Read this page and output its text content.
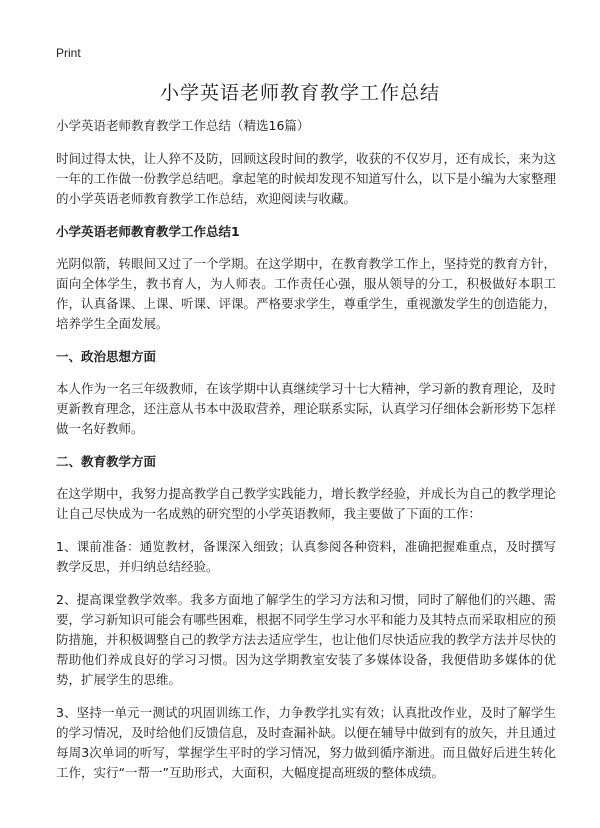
Print
小学英语老师教育教学工作总结

小学英语老师教育教学工作总结（精选16篇）

时间过得太快，让人猝不及防，回顾这段时间的教学，收获的不仅岁月，还有成长，来为这一年的工作做一份教学总结吧。拿起笔的时候却发现不知道写什么，以下是小编为大家整理的小学英语老师教育教学工作总结，欢迎阅读与收藏。

小学英语老师教育教学工作总结1

光阴似箭，转眼间又过了一个学期。在这学期中，在教育教学工作上，坚持党的教育方针，面向全体学生，教书育人，为人师表。工作责任心强，服从领导的分工，积极做好本职工作，认真备课、上课、听课、评课。严格要求学生，尊重学生，重视激发学生的创造能力，培养学生全面发展。

一、政治思想方面

本人作为一名三年级教师，在该学期中认真继续学习十七大精神，学习新的教育理论，及时更新教育理念，还注意从书本中汲取营养，理论联系实际，认真学习仔细体会新形势下怎样做一名好教师。

二、教育教学方面

在这学期中，我努力提高教学自己教学实践能力，增长教学经验，并成长为自己的教学理论让自己尽快成为一名成熟的研究型的小学英语教师，我主要做了下面的工作：

1、课前准备：通览教材，备课深入细致；认真参阅各种资料，准确把握难重点，及时撰写教学反思，并归纳总结经验。

2、提高课堂教学效率。我多方面地了解学生的学习方法和习惯，同时了解他们的兴趣、需要，学习新知识可能会有哪些困难，根据不同学生学习水平和能力及其特点而采取相应的预防措施，并积极调整自己的教学方法去适应学生，也让他们尽快适应我的教学方法并尽快的帮助他们养成良好的学习习惯。因为这学期教室安装了多媒体设备，我便借助多媒体的优势，扩展学生的思维。

3、坚持一单元一测试的巩固训练工作，力争教学扎实有效；认真批改作业，及时了解学生的学习情况，及时给他们反馈信息，及时查漏补缺。以便在辅导中做到有的放矢，并且通过每周3次单词的听写，掌握学生平时的学习情况，努力做到循序渐进。而且做好后进生转化工作，实行“一帮一”互助形式，大面积，大幅度提高班级的整体成绩。
